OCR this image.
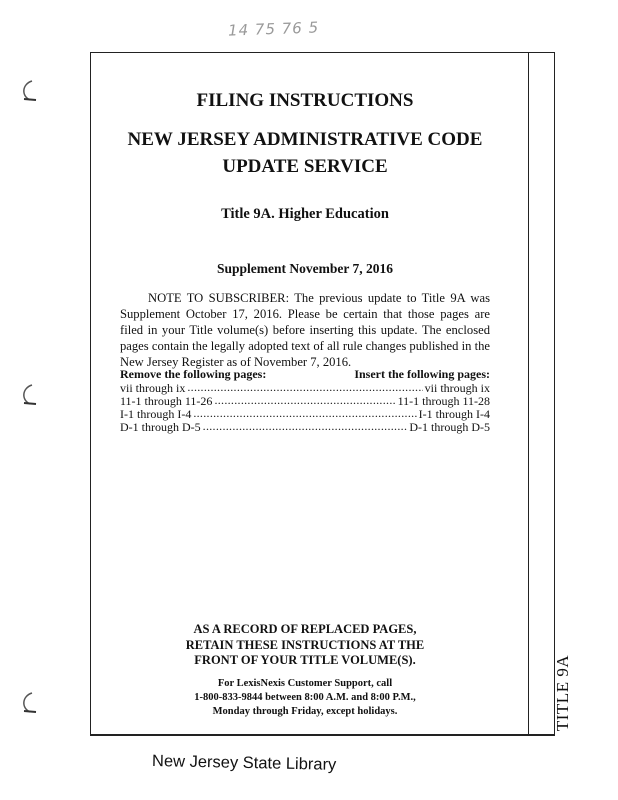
14 75 76 5
TITLE 9A
FILING INSTRUCTIONS
NEW JERSEY ADMINISTRATIVE CODE
UPDATE SERVICE
Title 9A. Higher Education
Supplement November 7, 2016
NOTE TO SUBSCRIBER: The previous update to Title 9A was Supplement October 17, 2016. Please be certain that those pages are filed in your Title volume(s) before inserting this update. The enclosed pages contain the legally adopted text of all rule changes published in the New Jersey Register as of November 7, 2016.
Remove the following pages:	Insert the following pages:
vii through ix .....	vii through ix
11-1 through 11-26 .....	11-1 through 11-28
I-1 through I-4 .....	I-1 through I-4
D-1 through D-5 .....	D-1 through D-5
AS A RECORD OF REPLACED PAGES,
RETAIN THESE INSTRUCTIONS AT THE
FRONT OF YOUR TITLE VOLUME(S).
For LexisNexis Customer Support, call
1-800-833-9844 between 8:00 A.M. and 8:00 P.M.,
Monday through Friday, except holidays.
New Jersey State Library
